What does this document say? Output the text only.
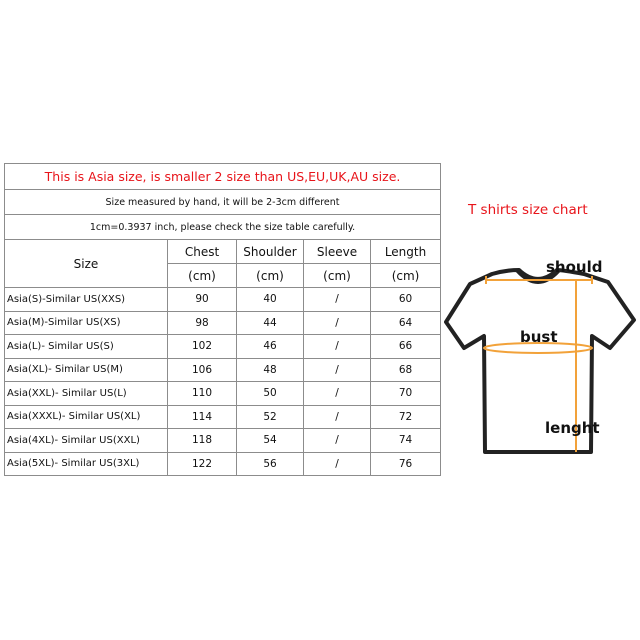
This is Asia size, is smaller 2 size than US,EU,UK,AU size.				
Size measured by hand, it will be 2-3cm different				
1cm=0.3937 inch, please check the size table carefully.				
Size	Chest	Shoulder	Sleeve	Length
	(cm)	(cm)	(cm)	(cm)
Asia(S)-Similar US(XXS)	90	40	/	60
Asia(M)-Similar US(XS)	98	44	/	64
Asia(L)- Similar US(S)	102	46	/	66
Asia(XL)- Similar US(M)	106	48	/	68
Asia(XXL)- Similar US(L)	110	50	/	70
Asia(XXXL)- Similar US(XL)	114	52	/	72
Asia(4XL)- Similar US(XXL)	118	54	/	74
Asia(5XL)- Similar US(3XL)	122	56	/	76
T shirts size chart
should
bust
lenght
